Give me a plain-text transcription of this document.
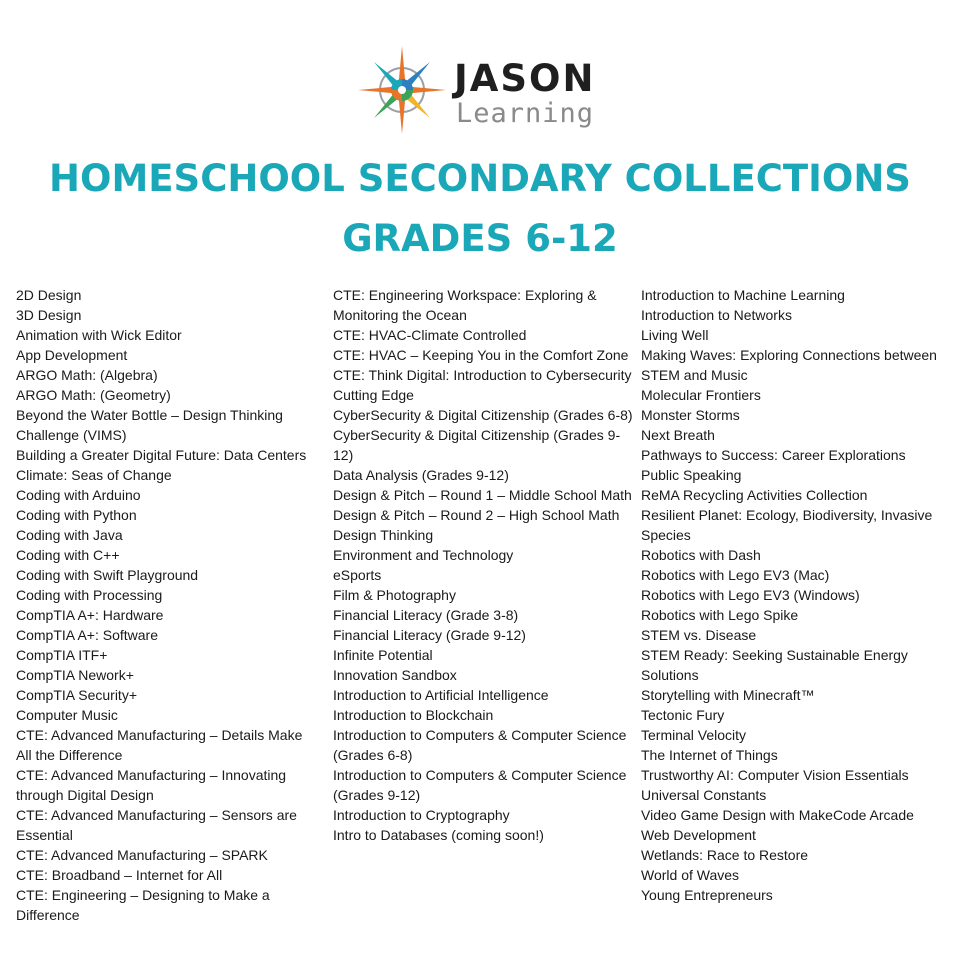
JASON
Learning
HOMESCHOOL SECONDARY COLLECTIONS
GRADES 6-12
2D Design
3D Design
Animation with Wick Editor
App Development
ARGO Math: (Algebra)
ARGO Math: (Geometry)
Beyond the Water Bottle – Design Thinking Challenge (VIMS)
Building a Greater Digital Future: Data Centers
Climate: Seas of Change
Coding with Arduino
Coding with Python
Coding with Java
Coding with C++
Coding with Swift Playground
Coding with Processing
CompTIA A+: Hardware
CompTIA A+: Software
CompTIA ITF+
CompTIA Nework+
CompTIA Security+
Computer Music
CTE: Advanced Manufacturing – Details Make All the Difference
CTE: Advanced Manufacturing – Innovating through Digital Design
CTE: Advanced Manufacturing – Sensors are Essential
CTE: Advanced Manufacturing – SPARK
CTE: Broadband – Internet for All
CTE: Engineering – Designing to Make a Difference
CTE: Engineering Workspace: Exploring & Monitoring the Ocean
CTE: HVAC-Climate Controlled
CTE: HVAC – Keeping You in the Comfort Zone
CTE: Think Digital: Introduction to Cybersecurity
Cutting Edge
CyberSecurity & Digital Citizenship (Grades 6-8)
CyberSecurity & Digital Citizenship (Grades 9-12)
Data Analysis (Grades 9-12)
Design & Pitch – Round 1 – Middle School Math
Design & Pitch – Round 2 – High School Math Design Thinking
Environment and Technology
eSports
Film & Photography
Financial Literacy (Grade 3-8)
Financial Literacy (Grade 9-12)
Infinite Potential
Innovation Sandbox
Introduction to Artificial Intelligence
Introduction to Blockchain
Introduction to Computers & Computer Science (Grades 6-8)
Introduction to Computers & Computer Science (Grades 9-12)
Introduction to Cryptography
Intro to Databases (coming soon!)
Introduction to Machine Learning
Introduction to Networks
Living Well
Making Waves: Exploring Connections between STEM and Music
Molecular Frontiers
Monster Storms
Next Breath
Pathways to Success: Career Explorations
Public Speaking
ReMA Recycling Activities Collection
Resilient Planet: Ecology, Biodiversity, Invasive Species
Robotics with Dash
Robotics with Lego EV3 (Mac)
Robotics with Lego EV3 (Windows)
Robotics with Lego Spike
STEM vs. Disease
STEM Ready: Seeking Sustainable Energy Solutions
Storytelling with Minecraft™
Tectonic Fury
Terminal Velocity
The Internet of Things
Trustworthy AI: Computer Vision Essentials
Universal Constants
Video Game Design with MakeCode Arcade
Web Development
Wetlands: Race to Restore
World of Waves
Young Entrepreneurs
